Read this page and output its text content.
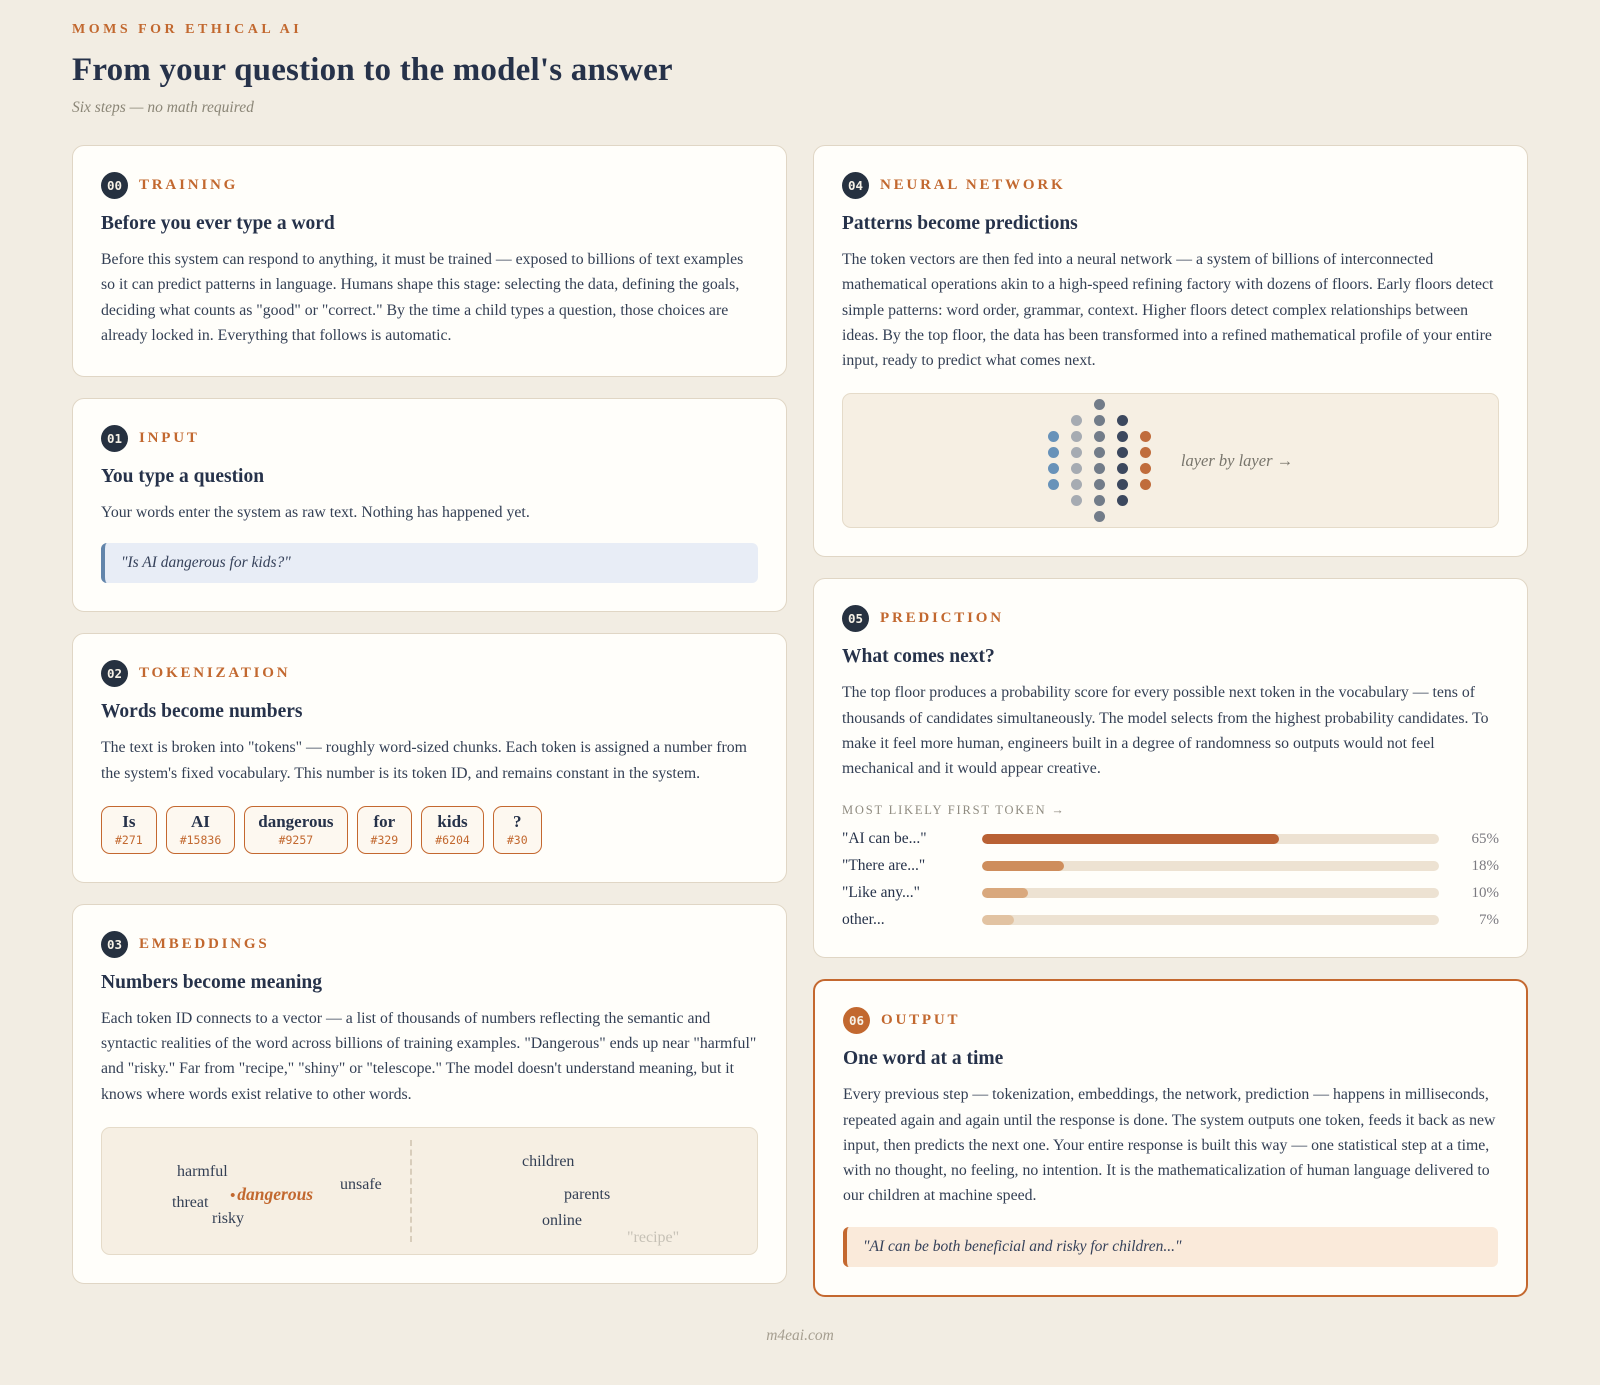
MOMS FOR ETHICAL AI
From your question to the model's answer
Six steps — no math required
00	TRAINING
Before you ever type a word

Before this system can respond to anything, it must be trained — exposed to billions of text examples so it can predict patterns in language. Humans shape this stage: selecting the data, defining the goals, deciding what counts as "good" or "correct." By the time a child types a question, those choices are already locked in. Everything that follows is automatic.

01	INPUT
You type a question

Your words enter the system as raw text. Nothing has happened yet.

"Is AI dangerous for kids?"
02	TOKENIZATION
Words become numbers

The text is broken into "tokens" — roughly word-sized chunks. Each token is assigned a number from the system's fixed vocabulary. This number is its token ID, and remains constant in the system.

Is
#271
AI
#15836
dangerous
#9257
for
#329
kids
#6204
?
#30
03	EMBEDDINGS
Numbers become meaning

Each token ID connects to a vector — a list of thousands of numbers reflecting the semantic and syntactic realities of the word across billions of training examples. "Dangerous" ends up near "harmful" and "risky." Far from "recipe," "shiny" or "telescope." The model doesn't understand meaning, but it knows where words exist relative to other words.

harmful
unsafe
threat • dangerous
risky
children
parents
online
"recipe"
04	NEURAL NETWORK
Patterns become predictions

The token vectors are then fed into a neural network — a system of billions of interconnected mathematical operations akin to a high-speed refining factory with dozens of floors. Early floors detect simple patterns: word order, grammar, context. Higher floors detect complex relationships between ideas. By the top floor, the data has been transformed into a refined mathematical profile of your entire input, ready to predict what comes next.

layer by layer →
05	PREDICTION
What comes next?

The top floor produces a probability score for every possible next token in the vocabulary — tens of thousands of candidates simultaneously. The model selects from the highest probability candidates. To make it feel more human, engineers built in a degree of randomness so outputs would not feel mechanical and it would appear creative.

MOST LIKELY FIRST TOKEN →
"AI can be..."	65%
"There are..."	18%
"Like any..."	10%
other...	7%
06	OUTPUT
One word at a time

Every previous step — tokenization, embeddings, the network, prediction — happens in milliseconds, repeated again and again until the response is done. The system outputs one token, feeds it back as new input, then predicts the next one. Your entire response is built this way — one statistical step at a time, with no thought, no feeling, no intention. It is the mathematicalization of human language delivered to our children at machine speed.

"AI can be both beneficial and risky for children..."
m4eai.com
